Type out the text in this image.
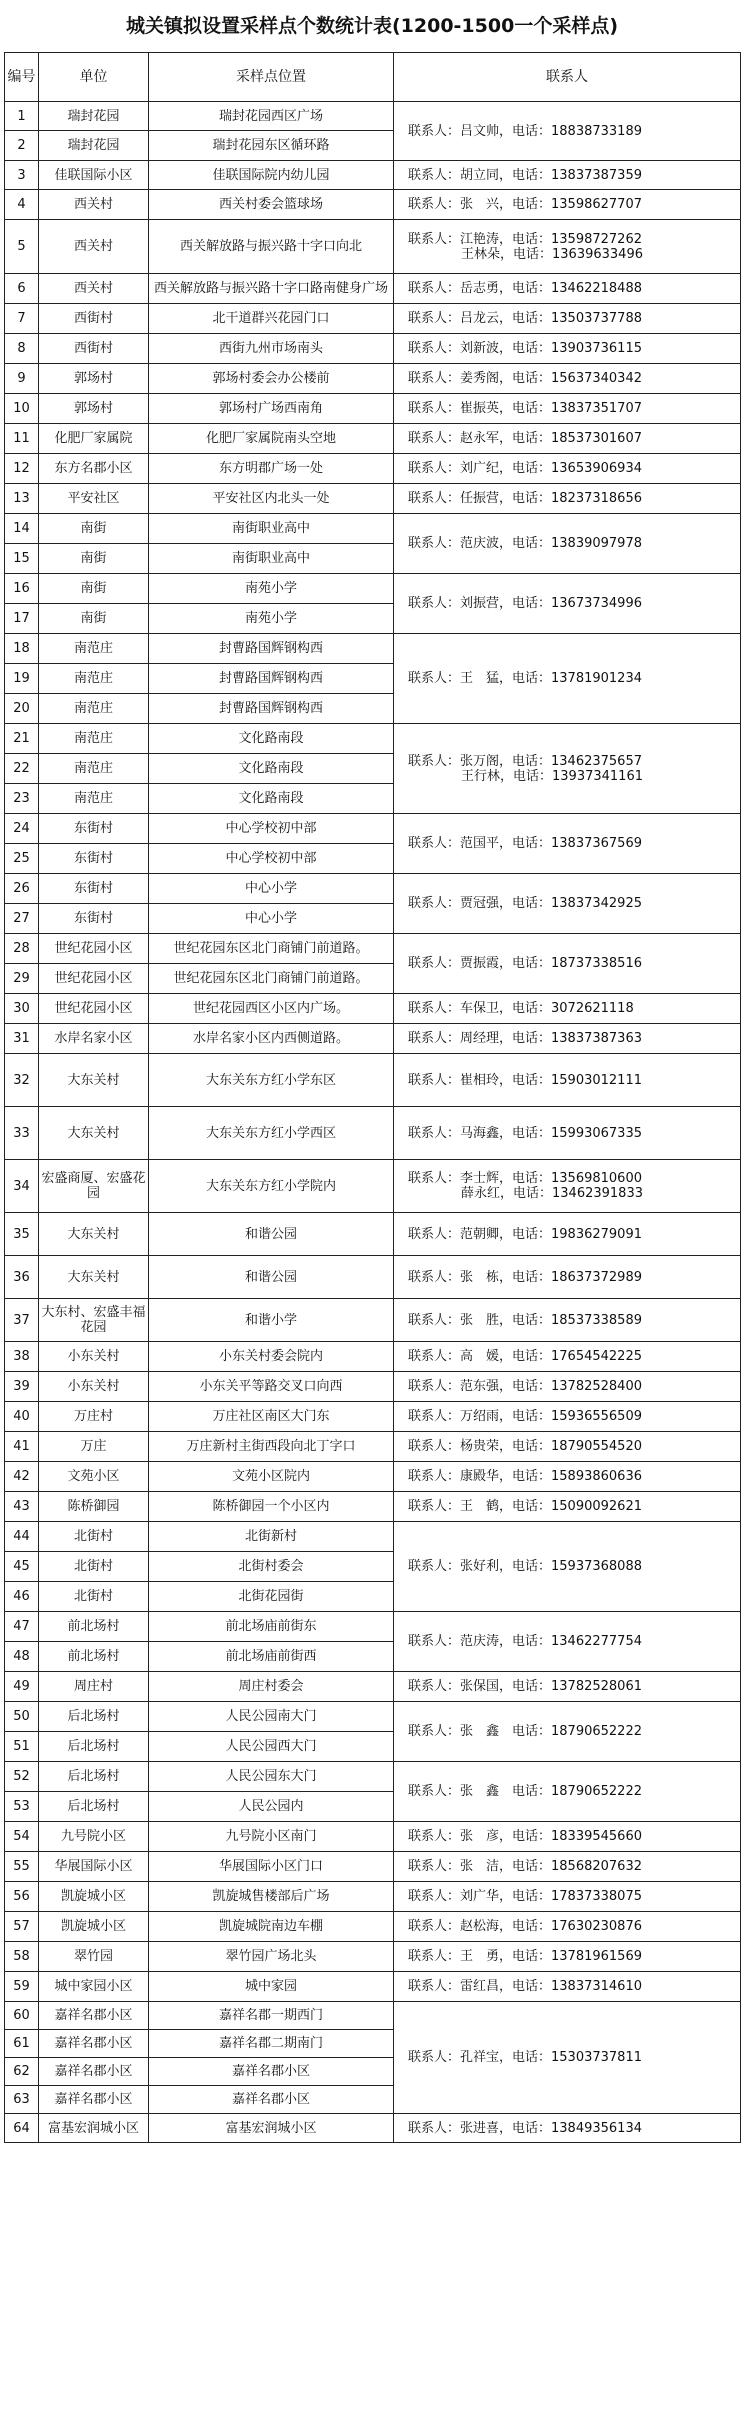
城关镇拟设置采样点个数统计表(1200-1500一个采样点)
编号	单位	采样点位置	联系人
1	瑞封花园	瑞封花园西区广场	联系人：吕文帅，电话：18838733189

2	瑞封花园	瑞封花园东区循环路	
3	佳联国际小区	佳联国际院内幼儿园	联系人：胡立同，电话：13837387359

4	西关村	西关村委会篮球场	联系人：张　兴，电话：13598627707

5	西关村	西关解放路与振兴路十字口向北	联系人：江艳涛，电话：13598727262
王林朵，电话：13639633496

6	西关村	西关解放路与振兴路十字口路南健身广场	联系人：岳志勇，电话：13462218488

7	西街村	北干道群兴花园门口	联系人：吕龙云，电话：13503737788

8	西街村	西街九州市场南头	联系人：刘新波，电话：13903736115

9	郭场村	郭场村委会办公楼前	联系人：姜秀阁，电话：15637340342

10	郭场村	郭场村广场西南角	联系人：崔振英，电话：13837351707

11	化肥厂家属院	化肥厂家属院南头空地	联系人：赵永军，电话：18537301607

12	东方名郡小区	东方明郡广场一处	联系人：刘广纪，电话：13653906934

13	平安社区	平安社区内北头一处	联系人：任振营，电话：18237318656

14	南街	南街职业高中	联系人：范庆波，电话：13839097978

15	南街	南街职业高中	
16	南街	南苑小学	联系人：刘振营，电话：13673734996

17	南街	南苑小学	
18	南范庄	封曹路国辉钢构西	联系人：王　猛，电话：13781901234

19	南范庄	封曹路国辉钢构西	
20	南范庄	封曹路国辉钢构西	
21	南范庄	文化路南段	联系人：张万阁，电话：13462375657
王行林，电话：13937341161

22	南范庄	文化路南段	
23	南范庄	文化路南段	
24	东街村	中心学校初中部	联系人：范国平，电话：13837367569

25	东街村	中心学校初中部	
26	东街村	中心小学	联系人：贾冠强，电话：13837342925

27	东街村	中心小学	
28	世纪花园小区	世纪花园东区北门商铺门前道路。	联系人：贾振霞，电话：18737338516

29	世纪花园小区	世纪花园东区北门商铺门前道路。	
30	世纪花园小区	世纪花园西区小区内广场。	联系人：车保卫，电话：3072621118

31	水岸名家小区	水岸名家小区内西侧道路。	联系人：周经理，电话：13837387363

32	大东关村	大东关东方红小学东区	联系人：崔相玲，电话：15903012111

33	大东关村	大东关东方红小学西区	联系人：马海鑫，电话：15993067335

34	宏盛商厦、宏盛花园	大东关东方红小学院内	联系人：李士辉，电话：13569810600
薛永红，电话：13462391833

35	大东关村	和谐公园	联系人：范朝卿，电话：19836279091

36	大东关村	和谐公园	联系人：张　栋，电话：18637372989

37	大东村、宏盛丰福花园	和谐小学	联系人：张　胜，电话：18537338589

38	小东关村	小东关村委会院内	联系人：高　媛，电话：17654542225

39	小东关村	小东关平等路交叉口向西	联系人：范东强，电话：13782528400

40	万庄村	万庄社区南区大门东	联系人：万绍雨，电话：15936556509

41	万庄	万庄新村主街西段向北丁字口	联系人：杨贵荣，电话：18790554520

42	文苑小区	文苑小区院内	联系人：康殿华，电话：15893860636

43	陈桥御园	陈桥御园一个小区内	联系人：王　鹤，电话：15090092621

44	北街村	北街新村	联系人：张好利，电话：15937368088

45	北街村	北街村委会	
46	北街村	北街花园街	
47	前北场村	前北场庙前街东	联系人：范庆涛，电话：13462277754

48	前北场村	前北场庙前街西	
49	周庄村	周庄村委会	联系人：张保国，电话：13782528061

50	后北场村	人民公园南大门	联系人：张　鑫　电话：18790652222

51	后北场村	人民公园西大门	
52	后北场村	人民公园东大门	联系人：张　鑫　电话：18790652222

53	后北场村	人民公园内	
54	九号院小区	九号院小区南门	联系人：张　彦，电话：18339545660

55	华展国际小区	华展国际小区门口	联系人：张　洁，电话：18568207632

56	凯旋城小区	凯旋城售楼部后广场	联系人：刘广华，电话：17837338075

57	凯旋城小区	凯旋城院南边车棚	联系人：赵松海，电话：17630230876

58	翠竹园	翠竹园广场北头	联系人：王　勇，电话：13781961569

59	城中家园小区	城中家园	联系人：雷红昌，电话：13837314610

60	嘉祥名郡小区	嘉祥名郡一期西门	联系人：孔祥宝，电话：15303737811

61	嘉祥名郡小区	嘉祥名郡二期南门	
62	嘉祥名郡小区	嘉祥名郡小区	
63	嘉祥名郡小区	嘉祥名郡小区	
64	富基宏润城小区	富基宏润城小区	联系人：张进喜，电话：13849356134
